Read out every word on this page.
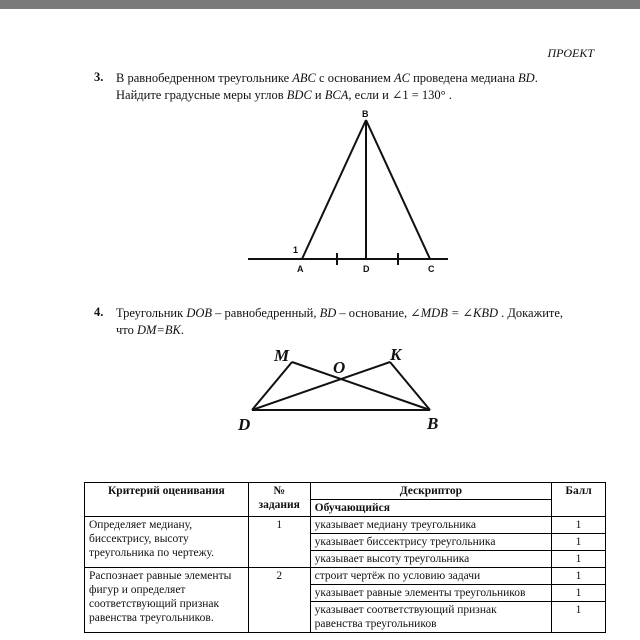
ПРОЕКТ
3. В равнобедренном треугольнике ABC с основанием AC проведена медиана BD.
Найдите градусные меры углов BDC и BCA, если и ∠1 = 130° .
B
A	D	C
1
M
O
K
D	B
4. Треугольник DOB – равнобедренный, BD – основание, ∠MDB = ∠KBD . Докажите,
что DM=BK.
Критерий оценивания	№ задания	Дескриптор	Балл
		Обучающийся	
Определяет медиану, биссектрису, высоту треугольника по чертежу.	1	указывает медиану треугольника	1
		указывает биссектрису треугольника	1
		указывает высоту треугольника	1
Распознает равные элементы фигур и определяет соответствующий признак равенства треугольников.	2	строит чертёж по условию задачи	1
		указывает равные элементы треугольников	1
		указывает соответствующий признак равенства треугольников	1
